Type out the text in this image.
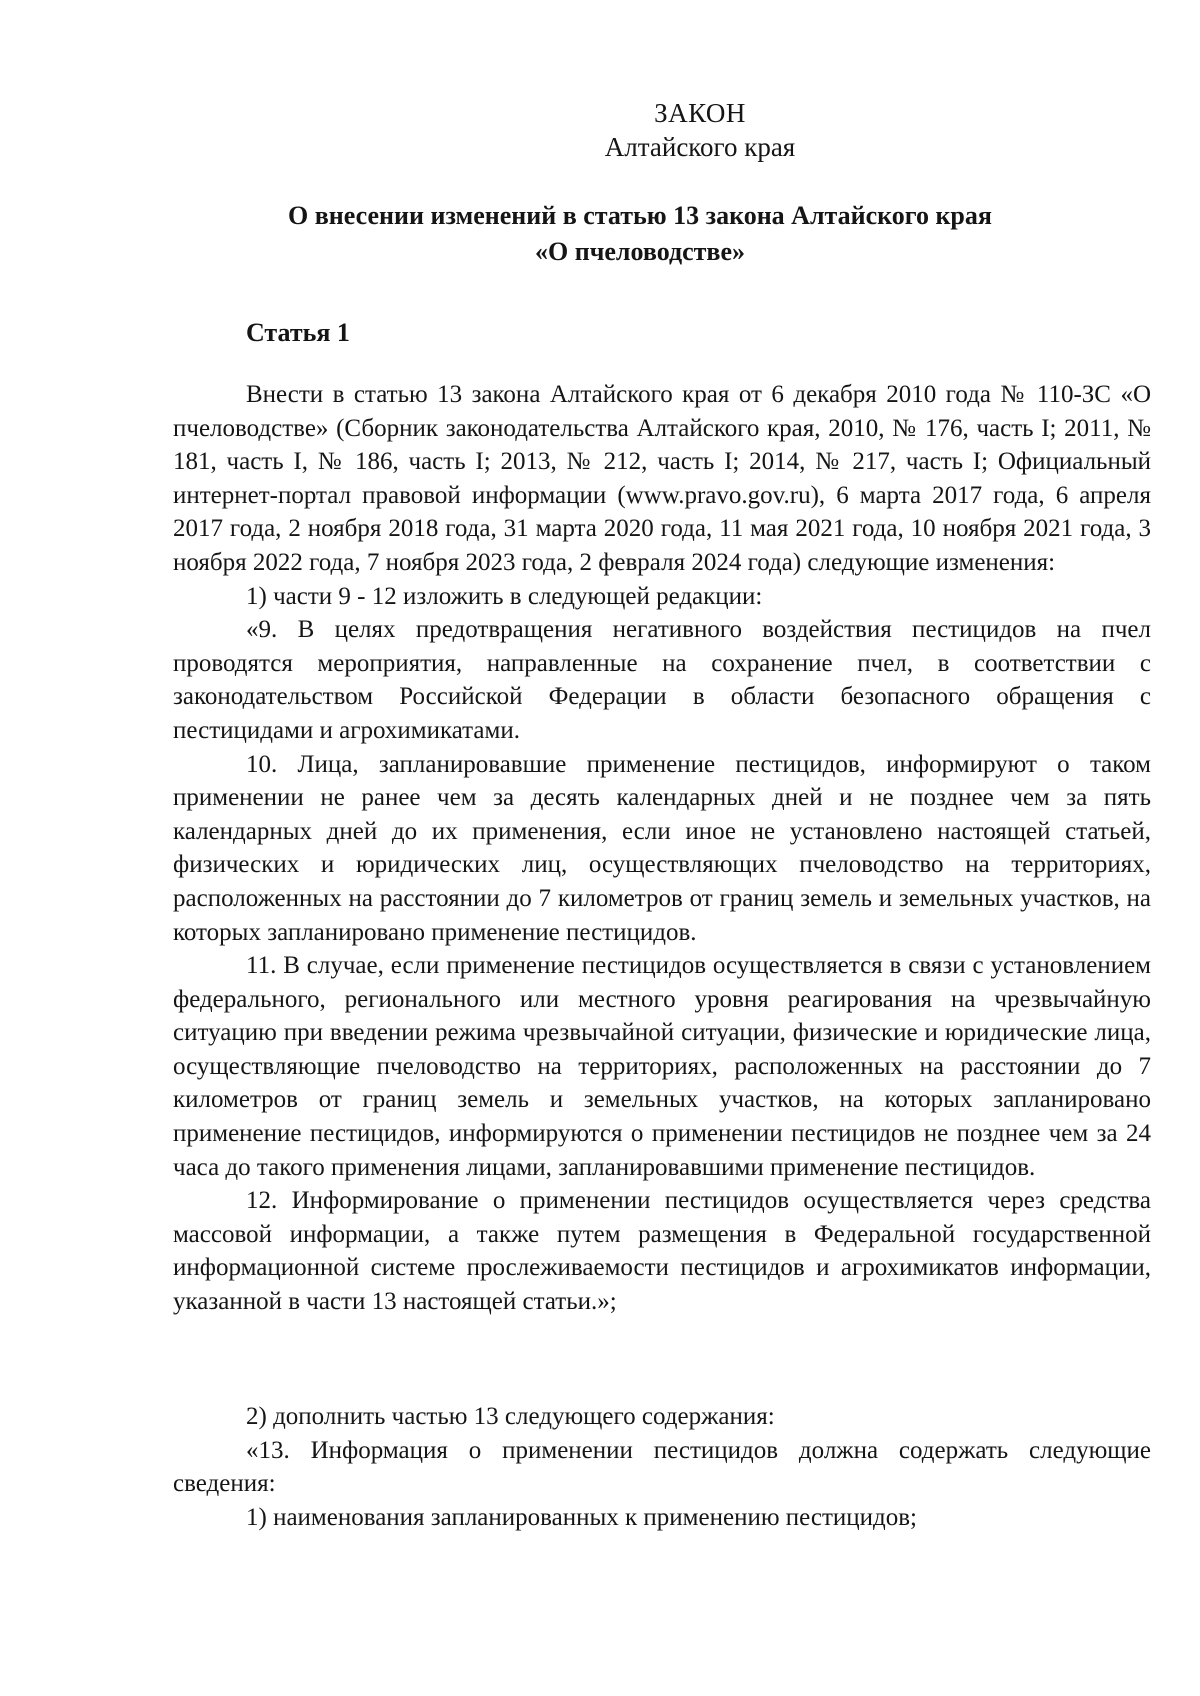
ЗАКОН
Алтайского края
О внесении изменений в статью 13 закона Алтайского края
«О пчеловодстве»
Статья 1

Внести в статью 13 закона Алтайского края от 6 декабря 2010 года № 110-ЗС «О пчеловодстве» (Сборник законодательства Алтайского края, 2010, № 176, часть I; 2011, № 181, часть I, № 186, часть I; 2013, № 212, часть I; 2014, № 217, часть I; Официальный интернет-портал правовой информации (www.pravo.gov.ru), 6 марта 2017 года, 6 апреля 2017 года, 2 ноября 2018 года, 31 марта 2020 года, 11 мая 2021 года, 10 ноября 2021 года, 3 ноября 2022 года, 7 ноября 2023 года, 2 февраля 2024 года) следующие изменения:

1) части 9 - 12 изложить в следующей редакции:

«9. В целях предотвращения негативного воздействия пестицидов на пчел проводятся мероприятия, направленные на сохранение пчел, в соответствии с законодательством Российской Федерации в области безопасного обращения с пестицидами и агрохимикатами.

10. Лица, запланировавшие применение пестицидов, информируют о таком применении не ранее чем за десять календарных дней и не позднее чем за пять календарных дней до их применения, если иное не установлено настоящей статьей, физических и юридических лиц, осуществляющих пчеловодство на территориях, расположенных на расстоянии до 7 километров от границ земель и земельных участков, на которых запланировано применение пестицидов.

11. В случае, если применение пестицидов осуществляется в связи с установлением федерального, регионального или местного уровня реагирования на чрезвычайную ситуацию при введении режима чрезвычайной ситуации, физические и юридические лица, осуществляющие пчеловодство на территориях, расположенных на расстоянии до 7 километров от границ земель и земельных участков, на которых запланировано применение пестицидов, информируются о применении пестицидов не позднее чем за 24 часа до такого применения лицами, запланировавшими применение пестицидов.

12. Информирование о применении пестицидов осуществляется через средства массовой информации, а также путем размещения в Федеральной государственной информационной системе прослеживаемости пестицидов и агрохимикатов информации, указанной в части 13 настоящей статьи.»;

2) дополнить частью 13 следующего содержания:

«13. Информация о применении пестицидов должна содержать следующие сведения:

1) наименования запланированных к применению пестицидов;
